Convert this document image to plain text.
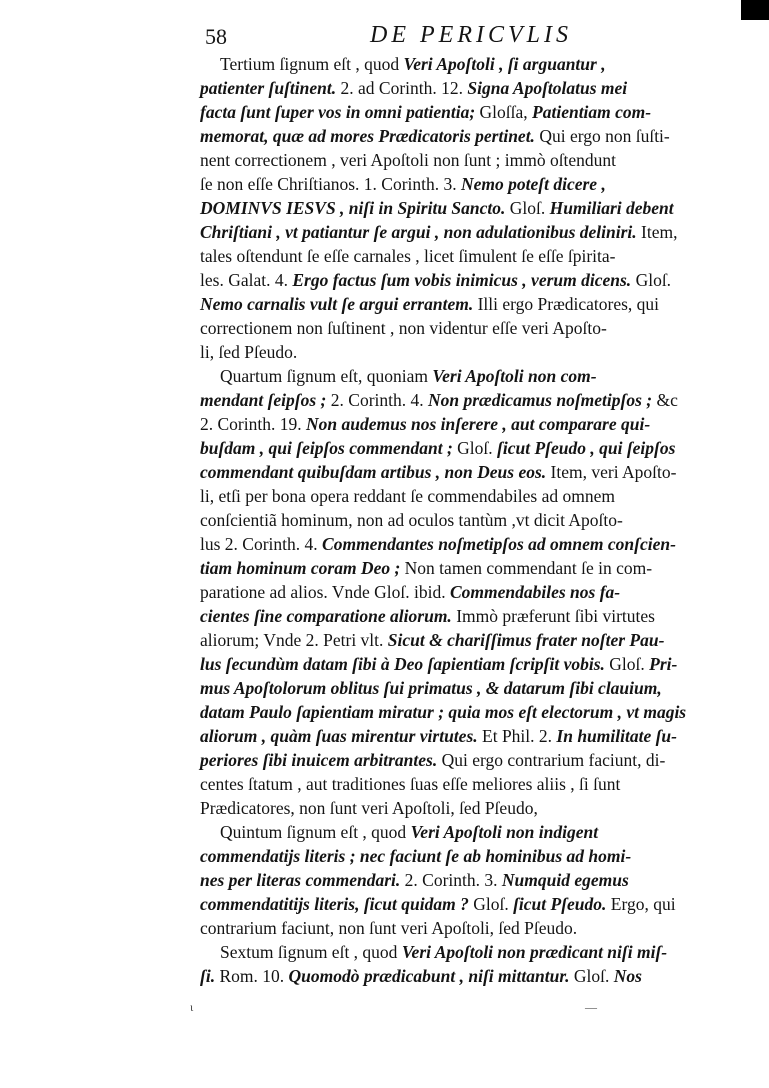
58	DE PERICVLIS
Tertium ſignum eſt , quod Veri Apoſtoli , ſi arguantur ,
patienter ſuſtinent. 2. ad Corinth. 12. Signa Apoſtolatus mei
facta ſunt ſuper vos in omni patientia; Gloſſa, Patientiam com-
memorat, quæ ad mores Prædicatoris pertinet. Qui ergo non ſuſti-
nent correctionem , veri Apoſtoli non ſunt ; immò oſtendunt
ſe non eſſe Chriſtianos. 1. Corinth. 3. Nemo poteſt dicere ,
DOMINVS IESVS , niſi in Spiritu Sancto. Gloſ. Humiliari debent
Chriſtiani , vt patiantur ſe argui , non adulationibus deliniri. Item,
tales oſtendunt ſe eſſe carnales , licet ſimulent ſe eſſe ſpirita-
les. Galat. 4. Ergo factus ſum vobis inimicus , verum dicens. Gloſ.
Nemo carnalis vult ſe argui errantem. Illi ergo Prædicatores, qui
correctionem non ſuſtinent , non videntur eſſe veri Apoſto-
li, ſed Pſeudo.
Quartum ſignum eſt, quoniam Veri Apoſtoli non com-
mendant ſeipſos ; 2. Corinth. 4. Non prædicamus noſmetipſos ; &c
2. Corinth. 19. Non audemus nos inſerere , aut comparare qui-
buſdam , qui ſeipſos commendant ; Gloſ. ſicut Pſeudo , qui ſeipſos
commendant quibuſdam artibus , non Deus eos. Item, veri Apoſto-
li, etſi per bona opera reddant ſe commendabiles ad omnem
conſcientiã hominum, non ad oculos tantùm ,vt dicit Apoſto-
lus 2. Corinth. 4. Commendantes noſmetipſos ad omnem conſcien-
tiam hominum coram Deo ; Non tamen commendant ſe in com-
paratione ad alios. Vnde Gloſ. ibid. Commendabiles nos fa-
cientes ſine comparatione aliorum. Immò præferunt ſibi virtutes
aliorum; Vnde 2. Petri vlt. Sicut & chariſſimus frater noſter Pau-
lus ſecundùm datam ſibi à Deo ſapientiam ſcripſit vobis. Gloſ. Pri-
mus Apoſtolorum oblitus ſui primatus , & datarum ſibi clauium,
datam Paulo ſapientiam miratur ; quia mos eſt electorum , vt magis
aliorum , quàm ſuas mirentur virtutes. Et Phil. 2. In humilitate ſu-
periores ſibi inuicem arbitrantes. Qui ergo contrarium faciunt, di-
centes ſtatum , aut traditiones ſuas eſſe meliores aliis , ſi ſunt
Prædicatores, non ſunt veri Apoſtoli, ſed Pſeudo,
Quintum ſignum eſt , quod Veri Apoſtoli non indigent
commendatijs literis ; nec faciunt ſe ab hominibus ad homi-
nes per literas commendari. 2. Corinth. 3. Numquid egemus
commendatitijs literis, ſicut quidam ? Gloſ. ſicut Pſeudo. Ergo, qui
contrarium faciunt, non ſunt veri Apoſtoli, ſed Pſeudo.
Sextum ſignum eſt , quod Veri Apoſtoli non prædicant niſi miſ-
ſi. Rom. 10. Quomodò prædicabunt , niſi mittantur. Gloſ. Nos
ι	—
